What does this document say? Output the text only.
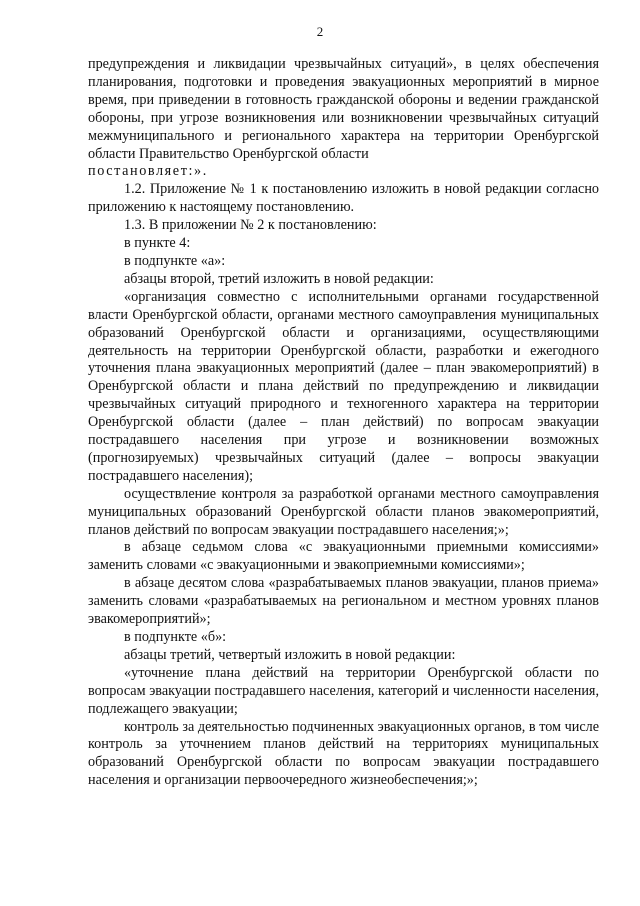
2

предупреждения и ликвидации чрезвычайных ситуаций», в целях обеспечения планирования, подготовки и проведения эвакуационных мероприятий в мирное время, при приведении в готовность гражданской обороны и ведении гражданской обороны, при угрозе возникновения или возникновении чрезвычайных ситуаций межмуниципального и регионального характера на территории Оренбургской области Правительство Оренбургской области

постановляет:».

1.2. Приложение № 1 к постановлению изложить в новой редакции согласно приложению к настоящему постановлению.

1.3. В приложении № 2 к постановлению:

в пункте 4:

в подпункте «а»:

абзацы второй, третий изложить в новой редакции:

«организация совместно с исполнительными органами государственной власти Оренбургской области, органами местного самоуправления муниципальных образований Оренбургской области и организациями, осуществляющими деятельность на территории Оренбургской области, разработки и ежегодного уточнения плана эвакуационных мероприятий (далее – план эвакомероприятий) в Оренбургской области и плана действий по предупреждению и ликвидации чрезвычайных ситуаций природного и техногенного характера на территории Оренбургской области (далее – план действий) по вопросам эвакуации пострадавшего населения при угрозе и возникновении возможных (прогнозируемых) чрезвычайных ситуаций (далее – вопросы эвакуации пострадавшего населения);

осуществление контроля за разработкой органами местного самоуправления муниципальных образований Оренбургской области планов эвакомероприятий, планов действий по вопросам эвакуации пострадавшего населения;»;

в абзаце седьмом слова «с эвакуационными приемными комиссиями» заменить словами «с эвакуационными и эвакоприемными комиссиями»;

в абзаце десятом слова «разрабатываемых планов эвакуации, планов приема» заменить словами «разрабатываемых на региональном и местном уровнях планов эвакомероприятий»;

в подпункте «б»:

абзацы третий, четвертый изложить в новой редакции:

«уточнение плана действий на территории Оренбургской области по вопросам эвакуации пострадавшего населения, категорий и численности населения, подлежащего эвакуации;

контроль за деятельностью подчиненных эвакуационных органов, в том числе контроль за уточнением планов действий на территориях муниципальных образований Оренбургской области по вопросам эвакуации пострадавшего населения и организации первоочередного жизнеобеспечения;»;
